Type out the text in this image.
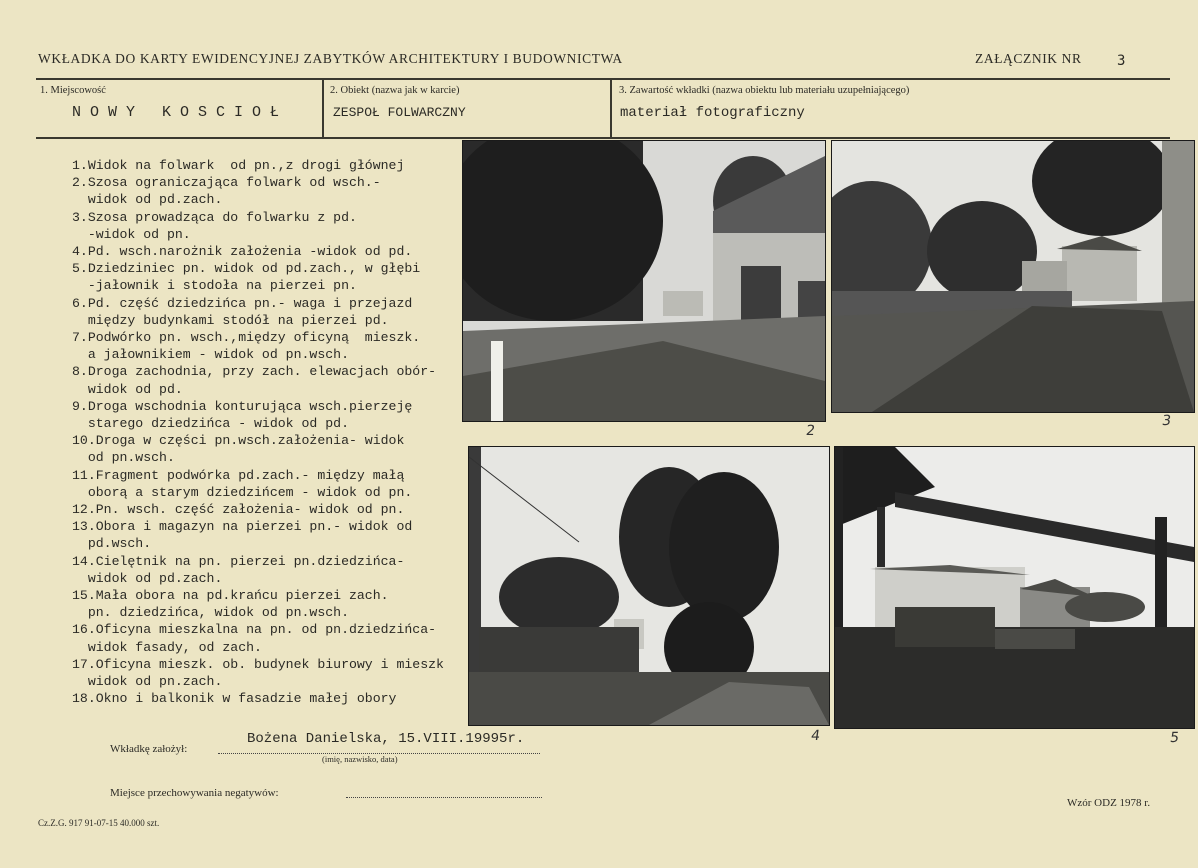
WKŁADKA DO KARTY EWIDENCYJNEJ ZABYTKÓW ARCHITEKTURY I BUDOWNICTWA	ZAŁĄCZNIK NR	3
1. Miejscowość
NOWY KOSCIOŁ
2. Obiekt (nazwa jak w karcie)
ZESPOŁ FOLWARCZNY
3. Zawartość wkładki (nazwa obiektu lub materiału uzupełniającego)
materiał fotograficzny
1.Widok na folwark  od pn.,z drogi głównej
2.Szosa ograniczająca folwark od wsch.-
widok od pd.zach.
3.Szosa prowadząca do folwarku z pd.
-widok od pn.
4.Pd. wsch.narożnik założenia -widok od pd.
5.Dziedziniec pn. widok od pd.zach., w głębi
-jałownik i stodoła na pierzei pn.
6.Pd. część dziedzińca pn.- waga i przejazd
między budynkami stodół na pierzei pd.
7.Podwórko pn. wsch.,między oficyną  mieszk.
a jałownikiem - widok od pn.wsch.
8.Droga zachodnia, przy zach. elewacjach obór-
widok od pd.
9.Droga wschodnia konturująca wsch.pierzeję
starego dziedzińca - widok od pd.
10.Droga w części pn.wsch.założenia- widok
od pn.wsch.
11.Fragment podwórka pd.zach.- między małą
oborą a starym dziedzińcem - widok od pn.
12.Pn. wsch. część założenia- widok od pn.
13.Obora i magazyn na pierzei pn.- widok od
pd.wsch.
14.Cielętnik na pn. pierzei pn.dziedzińca-
widok od pd.zach.
15.Mała obora na pd.krańcu pierzei zach.
pn. dziedzińca, widok od pn.wsch.
16.Oficyna mieszkalna na pn. od pn.dziedzińca-
widok fasady, od zach.
17.Oficyna mieszk. ob. budynek biurowy i mieszk
widok od pn.zach.
18.Okno i balkonik w fasadzie małej obory
2
3
4	5
Wkładkę założył:
Bożena Danielska, 15.VIII.19995r.
(imię, nazwisko, data)
Miejsce przechowywania negatywów:
Cz.Z.G. 917 91-07-15 40.000 szt.
Wzór ODZ 1978 r.
